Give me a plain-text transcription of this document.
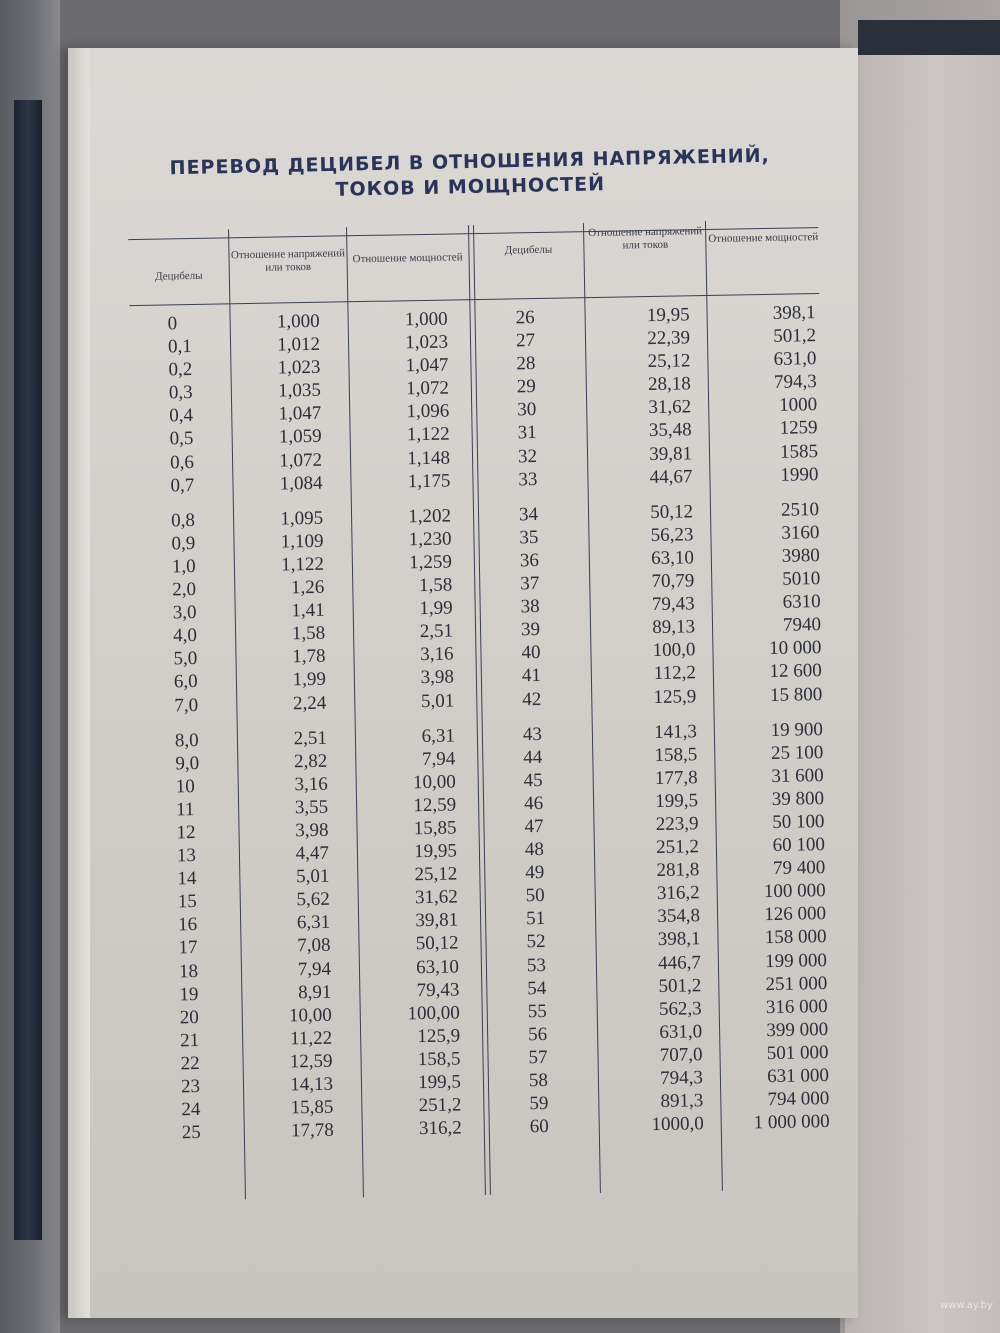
ПЕРЕВОД ДЕЦИБЕЛ В ОТНОШЕНИЯ НАПРЯЖЕНИЙ,
ТОКОВ И МОЩНОСТЕЙ
Децибелы
Отношение напряжений или токов
Отношение мощностей
Децибелы
Отношение напряжений или токов
Отношение мощностей
0
0,1
0,2
0,3
0,4
0,5
0,6
0,7
0,8
0,9
1,0
2,0
3,0
4,0
5,0
6,0
7,0
8,0
9,0
10
11
12
13
14
15
16
17
18
19
20
21
22
23
24
25
1,000
1,012
1,023
1,035
1,047
1,059
1,072
1,084
1,095
1,109
1,122
1,26
1,41
1,58
1,78
1,99
2,24
2,51
2,82
3,16
3,55
3,98
4,47
5,01
5,62
6,31
7,08
7,94
8,91
10,00
11,22
12,59
14,13
15,85
17,78
1,000
1,023
1,047
1,072
1,096
1,122
1,148
1,175
1,202
1,230
1,259
1,58
1,99
2,51
3,16
3,98
5,01
6,31
7,94
10,00
12,59
15,85
19,95
25,12
31,62
39,81
50,12
63,10
79,43
100,00
125,9
158,5
199,5
251,2
316,2
26
27
28
29
30
31
32
33
34
35
36
37
38
39
40
41
42
43
44
45
46
47
48
49
50
51
52
53
54
55
56
57
58
59
60
19,95
22,39
25,12
28,18
31,62
35,48
39,81
44,67
50,12
56,23
63,10
70,79
79,43
89,13
100,0
112,2
125,9
141,3
158,5
177,8
199,5
223,9
251,2
281,8
316,2
354,8
398,1
446,7
501,2
562,3
631,0
707,0
794,3
891,3
1000,0
398,1
501,2
631,0
794,3
1000
1259
1585
1990
2510
3160
3980
5010
6310
7940
10 000
12 600
15 800
19 900
25 100
31 600
39 800
50 100
60 100
79 400
100 000
126 000
158 000
199 000
251 000
316 000
399 000
501 000
631 000
794 000
1 000 000
www.ay.by
